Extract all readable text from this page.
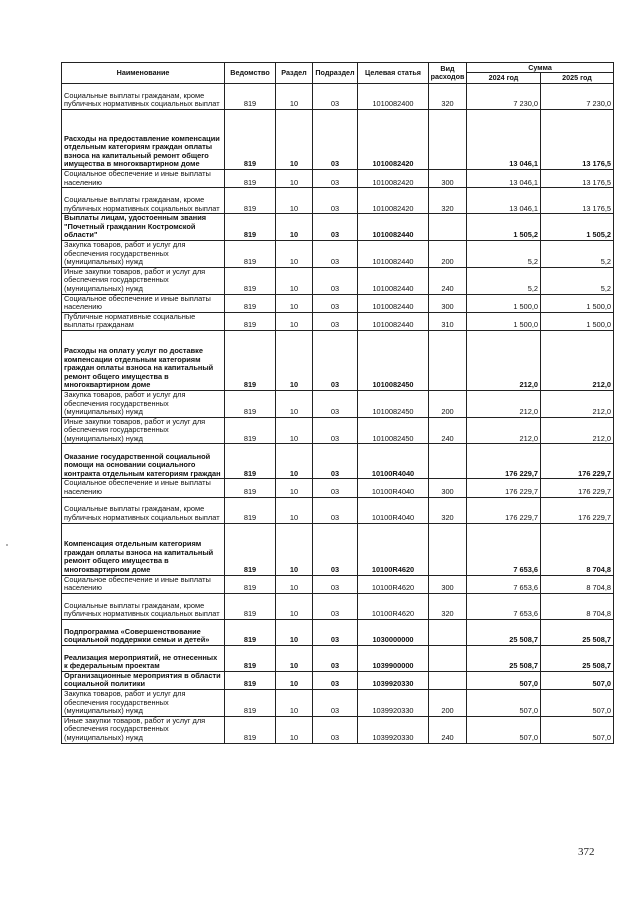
Наименование	Ведомство	Раздел	Подраздел	Целевая статья	Вид расходов	Сумма	
						2024 год	2025 год
Социальные выплаты гражданам, кроме публичных нормативных социальных выплат	819	10	03	1010082400	320	7 230,0	7 230,0
Расходы на предоставление компенсации отдельным категориям граждан оплаты взноса на капитальный ремонт общего имущества в многоквартирном доме	819	10	03	1010082420		13 046,1	13 176,5
Социальное обеспечение и иные выплаты населению	819	10	03	1010082420	300	13 046,1	13 176,5
Социальные выплаты гражданам, кроме публичных нормативных социальных выплат	819	10	03	1010082420	320	13 046,1	13 176,5
Выплаты лицам, удостоенным звания "Почетный гражданин Костромской области"	819	10	03	1010082440		1 505,2	1 505,2
Закупка товаров, работ и услуг для обеспечения государственных (муниципальных) нужд	819	10	03	1010082440	200	5,2	5,2
Иные закупки товаров, работ и услуг для обеспечения государственных (муниципальных) нужд	819	10	03	1010082440	240	5,2	5,2
Социальное обеспечение и иные выплаты населению	819	10	03	1010082440	300	1 500,0	1 500,0
Публичные нормативные социальные выплаты гражданам	819	10	03	1010082440	310	1 500,0	1 500,0
Расходы на оплату услуг по доставке компенсации отдельным категориям граждан оплаты взноса на капитальный ремонт общего имущества в многоквартирном доме	819	10	03	1010082450		212,0	212,0
Закупка товаров, работ и услуг для обеспечения государственных (муниципальных) нужд	819	10	03	1010082450	200	212,0	212,0
Иные закупки товаров, работ и услуг для обеспечения государственных (муниципальных) нужд	819	10	03	1010082450	240	212,0	212,0
Оказание государственной социальной помощи на основании социального контракта отдельным категориям граждан	819	10	03	10100R4040		176 229,7	176 229,7
Социальное обеспечение и иные выплаты населению	819	10	03	10100R4040	300	176 229,7	176 229,7
Социальные выплаты гражданам, кроме публичных нормативных социальных выплат	819	10	03	10100R4040	320	176 229,7	176 229,7
Компенсация отдельным категориям граждан оплаты взноса на капитальный ремонт общего имущества в многоквартирном доме	819	10	03	10100R4620		7 653,6	8 704,8
Социальное обеспечение и иные выплаты населению	819	10	03	10100R4620	300	7 653,6	8 704,8
Социальные выплаты гражданам, кроме публичных нормативных социальных выплат	819	10	03	10100R4620	320	7 653,6	8 704,8
Подпрограмма «Совершенствование социальной поддержки семьи и детей»	819	10	03	1030000000		25 508,7	25 508,7
Реализация мероприятий, не отнесенных к федеральным проектам	819	10	03	1039900000		25 508,7	25 508,7
Организационные мероприятия в области социальной политики	819	10	03	1039920330		507,0	507,0
Закупка товаров, работ и услуг для обеспечения государственных (муниципальных) нужд	819	10	03	1039920330	200	507,0	507,0
Иные закупки товаров, работ и услуг для обеспечения государственных (муниципальных) нужд	819	10	03	1039920330	240	507,0	507,0
372
